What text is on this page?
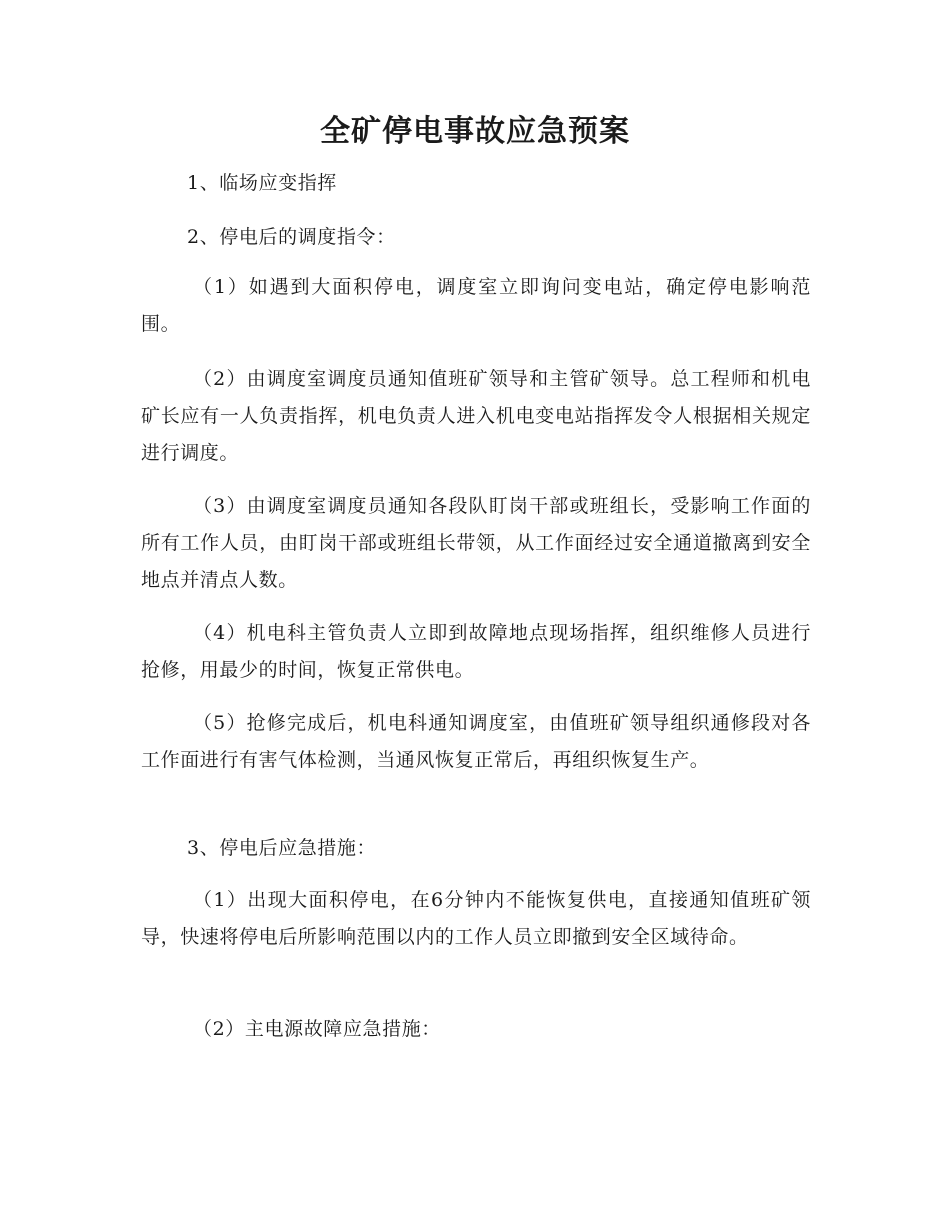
全矿停电事故应急预案

1、临场应变指挥

2、停电后的调度指令：

（1）如遇到大面积停电，调度室立即询问变电站，确定停电影响范围。

（2）由调度室调度员通知值班矿领导和主管矿领导。总工程师和机电矿长应有一人负责指挥，机电负责人进入机电变电站指挥发令人根据相关规定进行调度。

（3）由调度室调度员通知各段队盯岗干部或班组长，受影响工作面的所有工作人员，由盯岗干部或班组长带领，从工作面经过安全通道撤离到安全地点并清点人数。

（4）机电科主管负责人立即到故障地点现场指挥，组织维修人员进行抢修，用最少的时间，恢复正常供电。

（5）抢修完成后，机电科通知调度室，由值班矿领导组织通修段对各工作面进行有害气体检测，当通风恢复正常后，再组织恢复生产。

3、停电后应急措施：

（1）出现大面积停电，在6分钟内不能恢复供电，直接通知值班矿领导，快速将停电后所影响范围以内的工作人员立即撤到安全区域待命。

（2）主电源故障应急措施：
